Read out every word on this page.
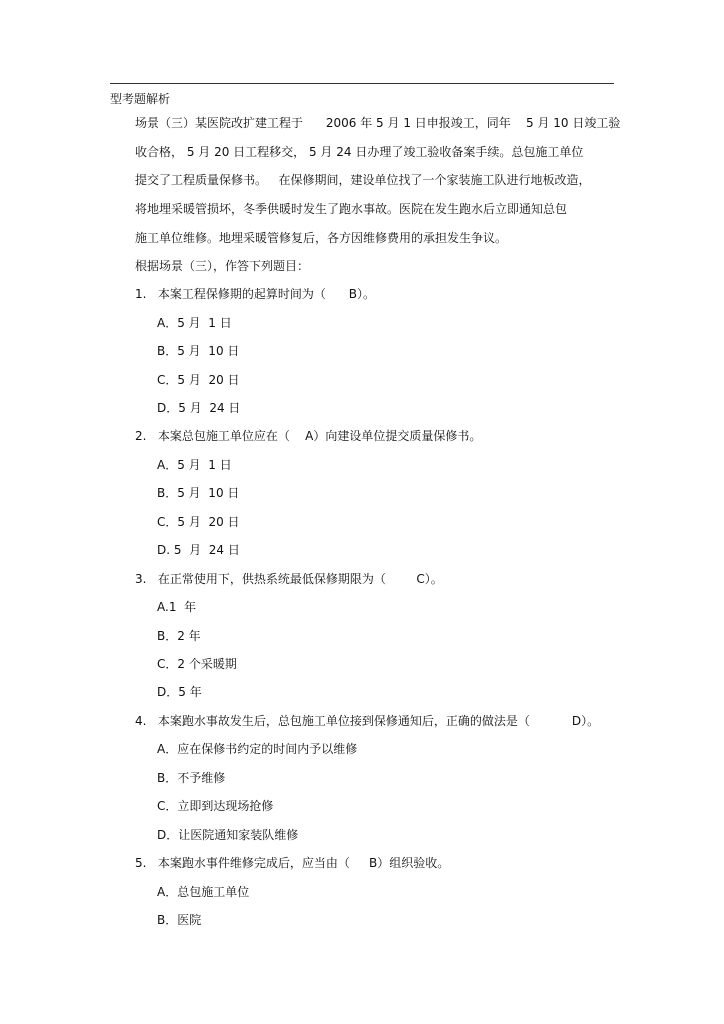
型考题解析
场景（三）某医院改扩建工程于      2006 年 5 月 1 日申报竣工，同年    5 月 10 日竣工验
收合格， 5 月 20 日工程移交， 5 月 24 日办理了竣工验收备案手续。总包施工单位
提交了工程质量保修书。   在保修期间，建设单位找了一个家装施工队进行地板改造，
将地埋采暖管损坏，冬季供暖时发生了跑水事故。医院在发生跑水后立即通知总包
施工单位维修。地埋采暖管修复后，各方因维修费用的承担发生争议。
根据场景（三），作答下列题目：
1.   本案工程保修期的起算时间为（      B）。
A．5 月  1 日
B．5 月  10 日
C．5 月  20 日
D．5 月  24 日
2.   本案总包施工单位应在（    A）向建设单位提交质量保修书。
A．5 月  1 日
B．5 月  10 日
C．5 月  20 日
D. 5  月  24 日
3.   在正常使用下，供热系统最低保修期限为（        C）。
A.1  年
B．2 年
C．2 个采暖期
D．5 年
4.   本案跑水事故发生后，总包施工单位接到保修通知后，正确的做法是（           D）。
A．应在保修书约定的时间内予以维修
B．不予维修
C．立即到达现场抢修
D．让医院通知家装队维修
5.   本案跑水事件维修完成后，应当由（     B）组织验收。
A．总包施工单位
B．医院
